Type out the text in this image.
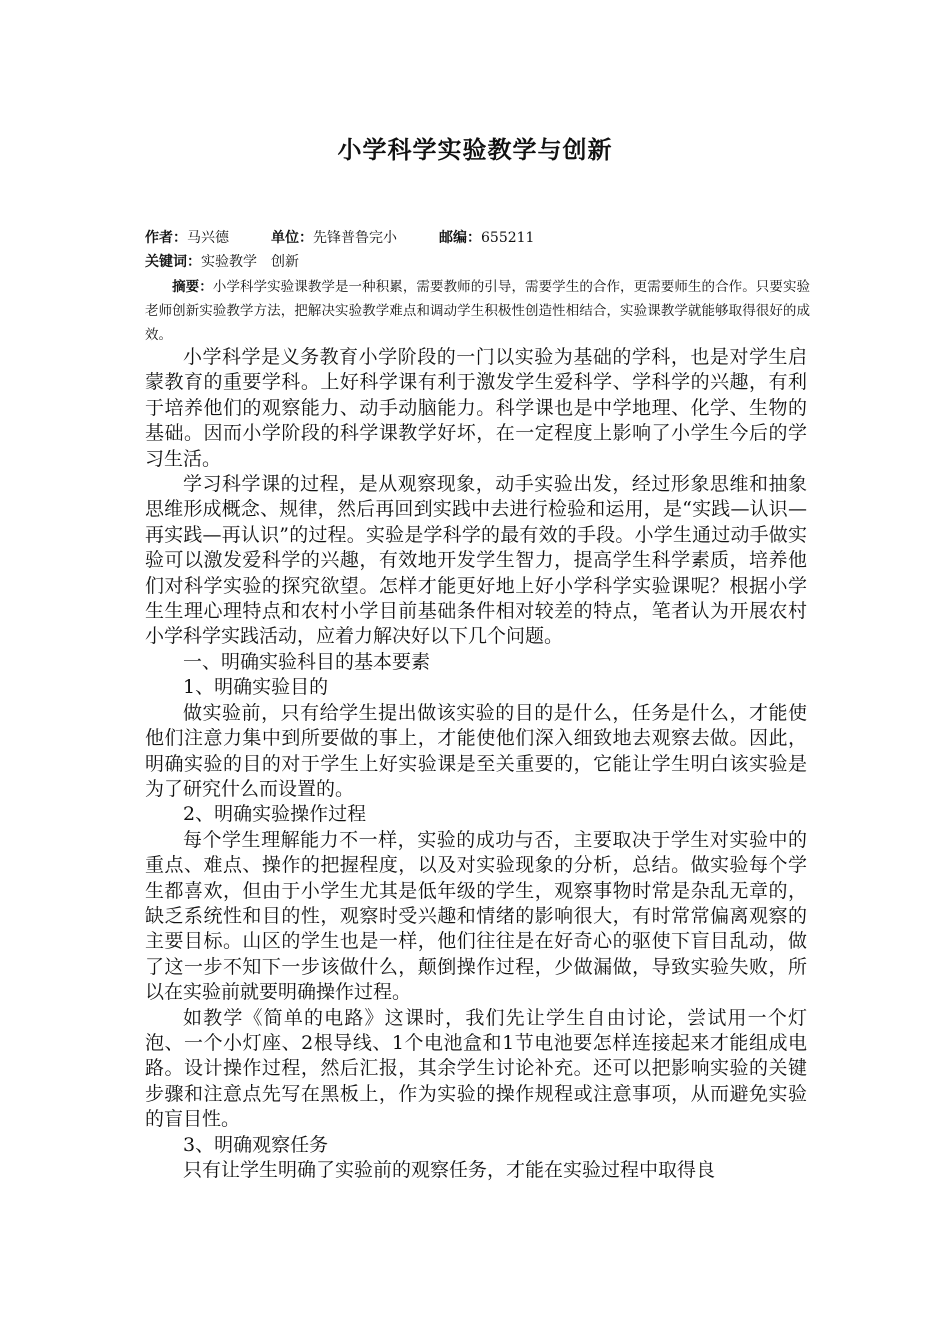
小学科学实验教学与创新
作者：马兴德	单位：先锋普鲁完小	邮编：655211
关键词：实验教学　创新
摘要：小学科学实验课教学是一种积累，需要教师的引导，需要学生的合作，更需要师生的合作。只要实验老师创新实验教学方法，把解决实验教学难点和调动学生积极性创造性相结合，实验课教学就能够取得很好的成效。

小学科学是义务教育小学阶段的一门以实验为基础的学科，也是对学生启蒙教育的重要学科。上好科学课有利于激发学生爱科学、学科学的兴趣，有利于培养他们的观察能力、动手动脑能力。科学课也是中学地理、化学、生物的基础。因而小学阶段的科学课教学好坏，在一定程度上影响了小学生今后的学习生活。

学习科学课的过程，是从观察现象，动手实验出发，经过形象思维和抽象思维形成概念、规律，然后再回到实践中去进行检验和运用，是“实践—认识—再实践—再认识”的过程。实验是学科学的最有效的手段。小学生通过动手做实验可以激发爱科学的兴趣，有效地开发学生智力，提高学生科学素质，培养他们对科学实验的探究欲望。怎样才能更好地上好小学科学实验课呢？根据小学生生理心理特点和农村小学目前基础条件相对较差的特点，笔者认为开展农村小学科学实践活动，应着力解决好以下几个问题。

一、明确实验科目的基本要素

1、明确实验目的

做实验前，只有给学生提出做该实验的目的是什么，任务是什么，才能使他们注意力集中到所要做的事上，才能使他们深入细致地去观察去做。因此，明确实验的目的对于学生上好实验课是至关重要的，它能让学生明白该实验是为了研究什么而设置的。

2、明确实验操作过程

每个学生理解能力不一样，实验的成功与否，主要取决于学生对实验中的重点、难点、操作的把握程度，以及对实验现象的分析，总结。做实验每个学生都喜欢，但由于小学生尤其是低年级的学生，观察事物时常是杂乱无章的，缺乏系统性和目的性，观察时受兴趣和情绪的影响很大，有时常常偏离观察的主要目标。山区的学生也是一样，他们往往是在好奇心的驱使下盲目乱动，做了这一步不知下一步该做什么，颠倒操作过程，少做漏做，导致实验失败，所以在实验前就要明确操作过程。

如教学《简单的电路》这课时，我们先让学生自由讨论，尝试用一个灯泡、一个小灯座、2根导线、1个电池盒和1节电池要怎样连接起来才能组成电路。设计操作过程，然后汇报，其余学生讨论补充。还可以把影响实验的关键步骤和注意点先写在黑板上，作为实验的操作规程或注意事项，从而避免实验的盲目性。

3、明确观察任务

只有让学生明确了实验前的观察任务，才能在实验过程中取得良
